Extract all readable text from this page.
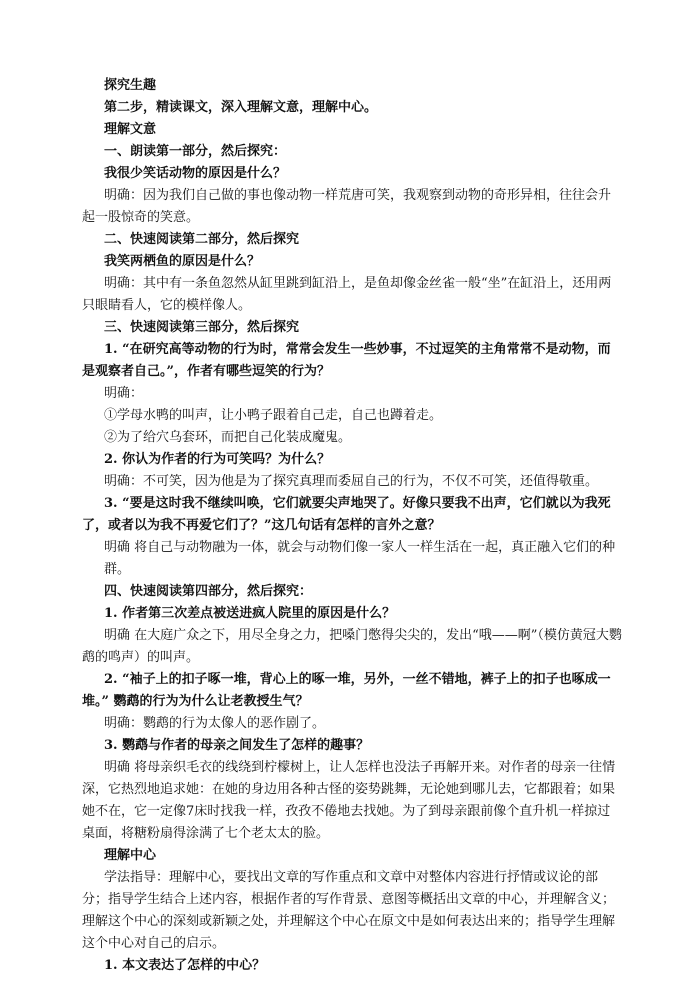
探究生趣

第二步，精读课文，深入理解文意，理解中心。

理解文意

一、朗读第一部分，然后探究：

我很少笑话动物的原因是什么？

明确：因为我们自己做的事也像动物一样荒唐可笑，我观察到动物的奇形异相，往往会升起一股惊奇的笑意。

二、快速阅读第二部分，然后探究

我笑两栖鱼的原因是什么？

明确：其中有一条鱼忽然从缸里跳到缸沿上，是鱼却像金丝雀一般“坐”在缸沿上，还用两只眼睛看人，它的模样像人。

三、快速阅读第三部分，然后探究

1. “在研究高等动物的行为时，常常会发生一些妙事，不过逗笑的主角常常不是动物，而是观察者自己。”，作者有哪些逗笑的行为？

明确：

①学母水鸭的叫声，让小鸭子跟着自己走，自己也蹲着走。

②为了给穴乌套环，而把自己化装成魔鬼。

2. 你认为作者的行为可笑吗？为什么？

明确：不可笑，因为他是为了探究真理而委屈自己的行为，不仅不可笑，还值得敬重。

3. “要是这时我不继续叫唤，它们就要尖声地哭了。好像只要我不出声，它们就以为我死了，或者以为我不再爱它们了？”这几句话有怎样的言外之意？

明确 将自己与动物融为一体，就会与动物们像一家人一样生活在一起，真正融入它们的种群。

四、快速阅读第四部分，然后探究：

1. 作者第三次差点被送进疯人院里的原因是什么？

明确 在大庭广众之下，用尽全身之力，把嗓门憋得尖尖的，发出“哦——啊”（模仿黄冠大鹦鹉的鸣声）的叫声。

2. “袖子上的扣子啄一堆，背心上的啄一堆，另外，一丝不错地，裤子上的扣子也啄成一堆。” 鹦鹉的行为为什么让老教授生气？

明确：鹦鹉的行为太像人的恶作剧了。

3. 鹦鹉与作者的母亲之间发生了怎样的趣事？

明确 将母亲织毛衣的线绕到柠檬树上，让人怎样也没法子再解开来。对作者的母亲一往情深，它热烈地追求她：在她的身边用各种古怪的姿势跳舞，无论她到哪儿去，它都跟着；如果她不在，它一定像7床时找我一样，孜孜不倦地去找她。为了到母亲跟前像个直升机一样掠过桌面，将糖粉扇得涂满了七个老太太的脸。

理解中心

学法指导：理解中心，要找出文章的写作重点和文章中对整体内容进行抒情或议论的部分；指导学生结合上述内容，根据作者的写作背景、意图等概括出文章的中心，并理解含义；理解这个中心的深刻或新颖之处，并理解这个中心在原文中是如何表达出来的；指导学生理解这个中心对自己的启示。

1. 本文表达了怎样的中心？
